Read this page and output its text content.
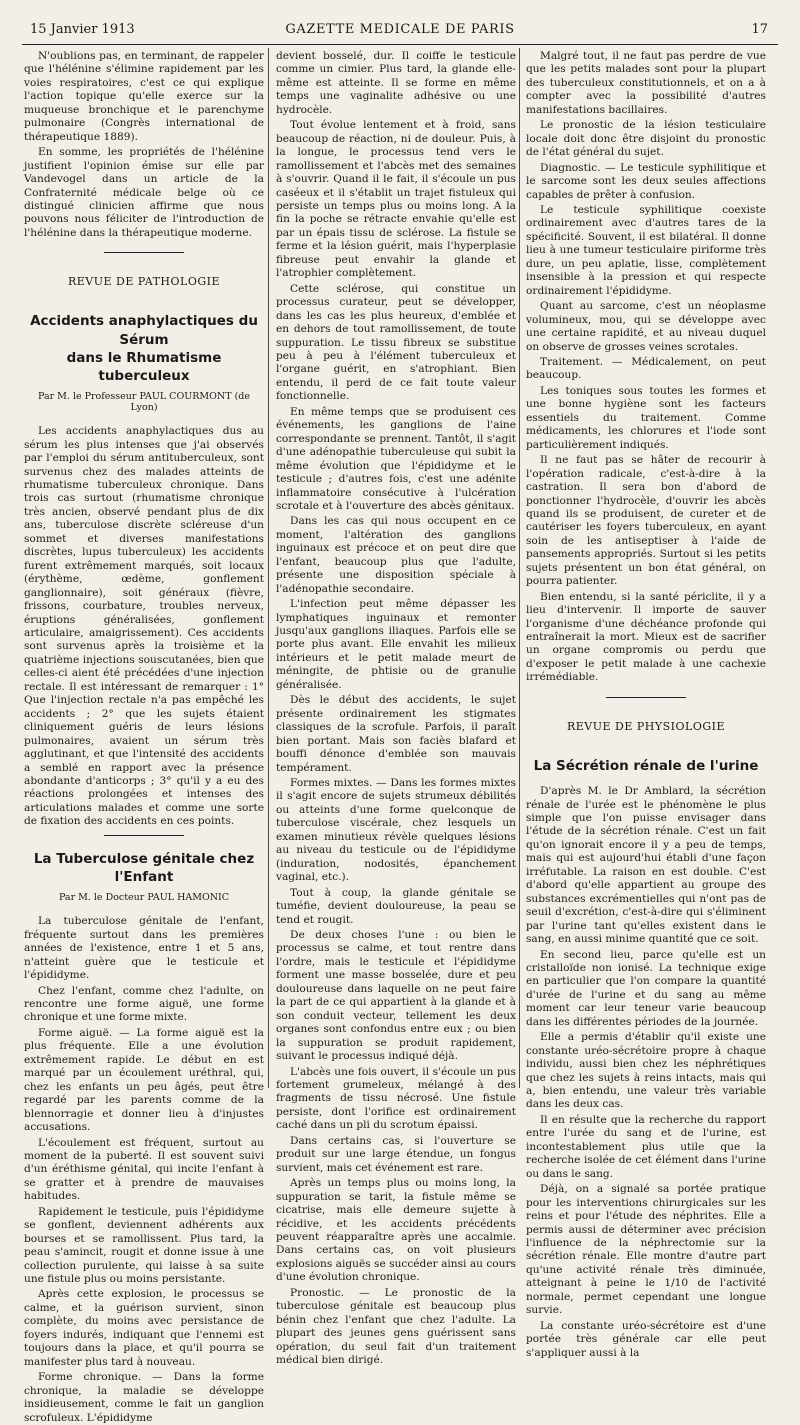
15 Janvier 1913	GAZETTE MEDICALE DE PARIS	17

N'oublions pas, en terminant, de rappeler que l'hélénine s'élimine rapidement par les voies respiratoires, c'est ce qui explique l'action topique qu'elle exerce sur la muqueuse bronchique et le parenchyme pulmonaire (Congrès international de thérapeutique 1889).

En somme, les propriétés de l'hélénine justifient l'opinion émise sur elle par Vandevogel dans un article de la Confraternité médicale belge où ce distingué clinicien affirme que nous pouvons nous féliciter de l'introduction de l'hélénine dans la thérapeutique moderne.

REVUE DE PATHOLOGIE
Accidents anaphylactiques du Sérum
dans le Rhumatisme tuberculeux
Par M. le Professeur PAUL COURMONT (de Lyon)

Les accidents anaphylactiques dus au sérum les plus intenses que j'ai observés par l'emploi du sérum antituberculeux, sont survenus chez des malades atteints de rhumatisme tuberculeux chronique. Dans trois cas surtout (rhumatisme chronique très ancien, observé pendant plus de dix ans, tuberculose discrète scléreuse d'un sommet et diverses manifestations discrètes, lupus tuberculeux) les accidents furent extrêmement marqués, soit locaux (érythème, œdème, gonflement ganglionnaire), soit généraux (fièvre, frissons, courbature, troubles nerveux, éruptions généralisées, gonflement articulaire, amaigrissement). Ces accidents sont survenus après la troisième et la quatrième injections souscutanées, bien que celles-ci aient été précédées d'une injection rectale. Il est intéressant de remarquer : 1° Que l'injection rectale n'a pas empêché les accidents ; 2° que les sujets étaient cliniquement guéris de leurs lésions pulmonaires, avaient un sérum très agglutinant, et que l'intensité des accidents a semblé en rapport avec la présence abondante d'anticorps ; 3° qu'il y a eu des réactions prolongées et intenses des articulations malades et comme une sorte de fixation des accidents en ces points.

La Tuberculose génitale chez l'Enfant
Par M. le Docteur PAUL HAMONIC

La tuberculose génitale de l'enfant, fréquente surtout dans les premières années de l'existence, entre 1 et 5 ans, n'atteint guère que le testicule et l'épididyme.

Chez l'enfant, comme chez l'adulte, on rencontre une forme aiguë, une forme chronique et une forme mixte.

Forme aiguë. — La forme aiguë est la plus fréquente. Elle a une évolution extrêmement rapide. Le début en est marqué par un écoulement uréthral, qui, chez les enfants un peu âgés, peut être regardé par les parents comme de la blennorragie et donner lieu à d'injustes accusations.

L'écoulement est fréquent, surtout au moment de la puberté. Il est souvent suivi d'un éréthisme génital, qui incite l'enfant à se gratter et à prendre de mauvaises habitudes.

Rapidement le testicule, puis l'épididyme se gonflent, deviennent adhérents aux bourses et se ramollissent. Plus tard, la peau s'amincit, rougit et donne issue à une collection purulente, qui laisse à sa suite une fistule plus ou moins persistante.

Après cette explosion, le processus se calme, et la guérison survient, sinon complète, du moins avec persistance de foyers indurés, indiquant que l'ennemi est toujours dans la place, et qu'il pourra se manifester plus tard à nouveau.

Forme chronique. — Dans la forme chronique, la maladie se développe insidieusement, comme le fait un ganglion scrofuleux. L'épididyme

devient bosselé, dur. Il coiffe le testicule comme un cimier. Plus tard, la glande elle-même est atteinte. Il se forme en même temps une vaginalite adhésive ou une hydrocèle.

Tout évolue lentement et à froid, sans beaucoup de réaction, ni de douleur. Puis, à la longue, le processus tend vers le ramollissement et l'abcès met des semaines à s'ouvrir. Quand il le fait, il s'écoule un pus caséeux et il s'établit un trajet fistuleux qui persiste un temps plus ou moins long. A la fin la poche se rétracte envahie qu'elle est par un épais tissu de sclérose. La fistule se ferme et la lésion guérit, mais l'hyperplasie fibreuse peut envahir la glande et l'atrophier complètement.

Cette sclérose, qui constitue un processus curateur, peut se développer, dans les cas les plus heureux, d'emblée et en dehors de tout ramollissement, de toute suppuration. Le tissu fibreux se substitue peu à peu à l'élément tuberculeux et l'organe guérit, en s'atrophiant. Bien entendu, il perd de ce fait toute valeur fonctionnelle.

En même temps que se produisent ces événements, les ganglions de l'aine correspondante se prennent. Tantôt, il s'agit d'une adénopathie tuberculeuse qui subit la même évolution que l'épididyme et le testicule ; d'autres fois, c'est une adénite inflammatoire consécutive à l'ulcération scrotale et à l'ouverture des abcès génitaux.

Dans les cas qui nous occupent en ce moment, l'altération des ganglions inguinaux est précoce et on peut dire que l'enfant, beaucoup plus que l'adulte, présente une disposition spéciale à l'adénopathie secondaire.

L'infection peut même dépasser les lymphatiques inguinaux et remonter jusqu'aux ganglions iliaques. Parfois elle se porte plus avant. Elle envahit les milieux intérieurs et le petit malade meurt de méningite, de phtisie ou de granulie généralisée.

Dès le début des accidents, le sujet présente ordinairement les stigmates classiques de la scrofule. Parfois, il paraît bien portant. Mais son faciès blafard et bouffi dénonce d'emblée son mauvais tempérament.

Formes mixtes. — Dans les formes mixtes il s'agit encore de sujets strumeux débilités ou atteints d'une forme quelconque de tuberculose viscérale, chez lesquels un examen minutieux révèle quelques lésions au niveau du testicule ou de l'épididyme (induration, nodosités, épanchement vaginal, etc.).

Tout à coup, la glande génitale se tuméfie, devient douloureuse, la peau se tend et rougit.

De deux choses l'une : ou bien le processus se calme, et tout rentre dans l'ordre, mais le testicule et l'épididyme forment une masse bosselée, dure et peu douloureuse dans laquelle on ne peut faire la part de ce qui appartient à la glande et à son conduit vecteur, tellement les deux organes sont confondus entre eux ; ou bien la suppuration se produit rapidement, suivant le processus indiqué déjà.

L'abcès une fois ouvert, il s'écoule un pus fortement grumeleux, mélangé à des fragments de tissu nécrosé. Une fistule persiste, dont l'orifice est ordinairement caché dans un pli du scrotum épaissi.

Dans certains cas, si l'ouverture se produit sur une large étendue, un fongus survient, mais cet événement est rare.

Après un temps plus ou moins long, la suppuration se tarit, la fistule même se cicatrise, mais elle demeure sujette à récidive, et les accidents précédents peuvent réapparaître après une accalmie. Dans certains cas, on voit plusieurs explosions aiguës se succéder ainsi au cours d'une évolution chronique.

Pronostic. — Le pronostic de la tuberculose génitale est beaucoup plus bénin chez l'enfant que chez l'adulte. La plupart des jeunes gens guérissent sans opération, du seul fait d'un traitement médical bien dirigé.

Malgré tout, il ne faut pas perdre de vue que les petits malades sont pour la plupart des tuberculeux constitutionnels, et on a à compter avec la possibilité d'autres manifestations bacillaires.

Le pronostic de la lésion testiculaire locale doit donc être disjoint du pronostic de l'état général du sujet.

Diagnostic. — Le testicule syphilitique et le sarcome sont les deux seules affections capables de prêter à confusion.

Le testicule syphilitique coexiste ordinairement avec d'autres tares de la spécificité. Souvent, il est bilatéral. Il donne lieu à une tumeur testiculaire piriforme très dure, un peu aplatie, lisse, complètement insensible à la pression et qui respecte ordinairement l'épididyme.

Quant au sarcome, c'est un néoplasme volumineux, mou, qui se développe avec une certaine rapidité, et au niveau duquel on observe de grosses veines scrotales.

Traitement. — Médicalement, on peut beaucoup.

Les toniques sous toutes les formes et une bonne hygiène sont les facteurs essentiels du traitement. Comme médicaments, les chlorures et l'iode sont particulièrement indiqués.

Il ne faut pas se hâter de recourir à l'opération radicale, c'est-à-dire à la castration. Il sera bon d'abord de ponctionner l'hydrocèle, d'ouvrir les abcès quand ils se produisent, de cureter et de cautériser les foyers tuberculeux, en ayant soin de les antiseptiser à l'aide de pansements appropriés. Surtout si les petits sujets présentent un bon état général, on pourra patienter.

Bien entendu, si la santé périclite, il y a lieu d'intervenir. Il importe de sauver l'organisme d'une déchéance profonde qui entraînerait la mort. Mieux est de sacrifier un organe compromis ou perdu que d'exposer le petit malade à une cachexie irrémédiable.

REVUE DE PHYSIOLOGIE
La Sécrétion rénale de l'urine

D'après M. le Dr Amblard, la sécrétion rénale de l'urée est le phénomène le plus simple que l'on puisse envisager dans l'étude de la sécrétion rénale. C'est un fait qu'on ignorait encore il y a peu de temps, mais qui est aujourd'hui établi d'une façon irréfutable. La raison en est double. C'est d'abord qu'elle appartient au groupe des substances excrémentielles qui n'ont pas de seuil d'excrétion, c'est-à-dire qui s'éliminent par l'urine tant qu'elles existent dans le sang, en aussi minime quantité que ce soit.

En second lieu, parce qu'elle est un cristalloïde non ionisé. La technique exige en particulier que l'on compare la quantité d'urée de l'urine et du sang au même moment car leur teneur varie beaucoup dans les différentes périodes de la journée.

Elle a permis d'établir qu'il existe une constante uréo-sécrétoire propre à chaque individu, aussi bien chez les néphrétiques que chez les sujets à reins intacts, mais qui a, bien entendu, une valeur très variable dans les deux cas.

Il en résulte que la recherche du rapport entre l'urée du sang et de l'urine, est incontestablement plus utile que la recherche isolée de cet élément dans l'urine ou dans le sang.

Déjà, on a signalé sa portée pratique pour les interventions chirurgicales sur les reins et pour l'étude des néphrites. Elle a permis aussi de déterminer avec précision l'influence de la néphrectomie sur la sécrétion rénale. Elle montre d'autre part qu'une activité rénale très diminuée, atteignant à peine le 1/10 de l'activité normale, permet cependant une longue survie.

La constante uréo-sécrétoire est d'une portée très générale car elle peut s'appliquer aussi à la
